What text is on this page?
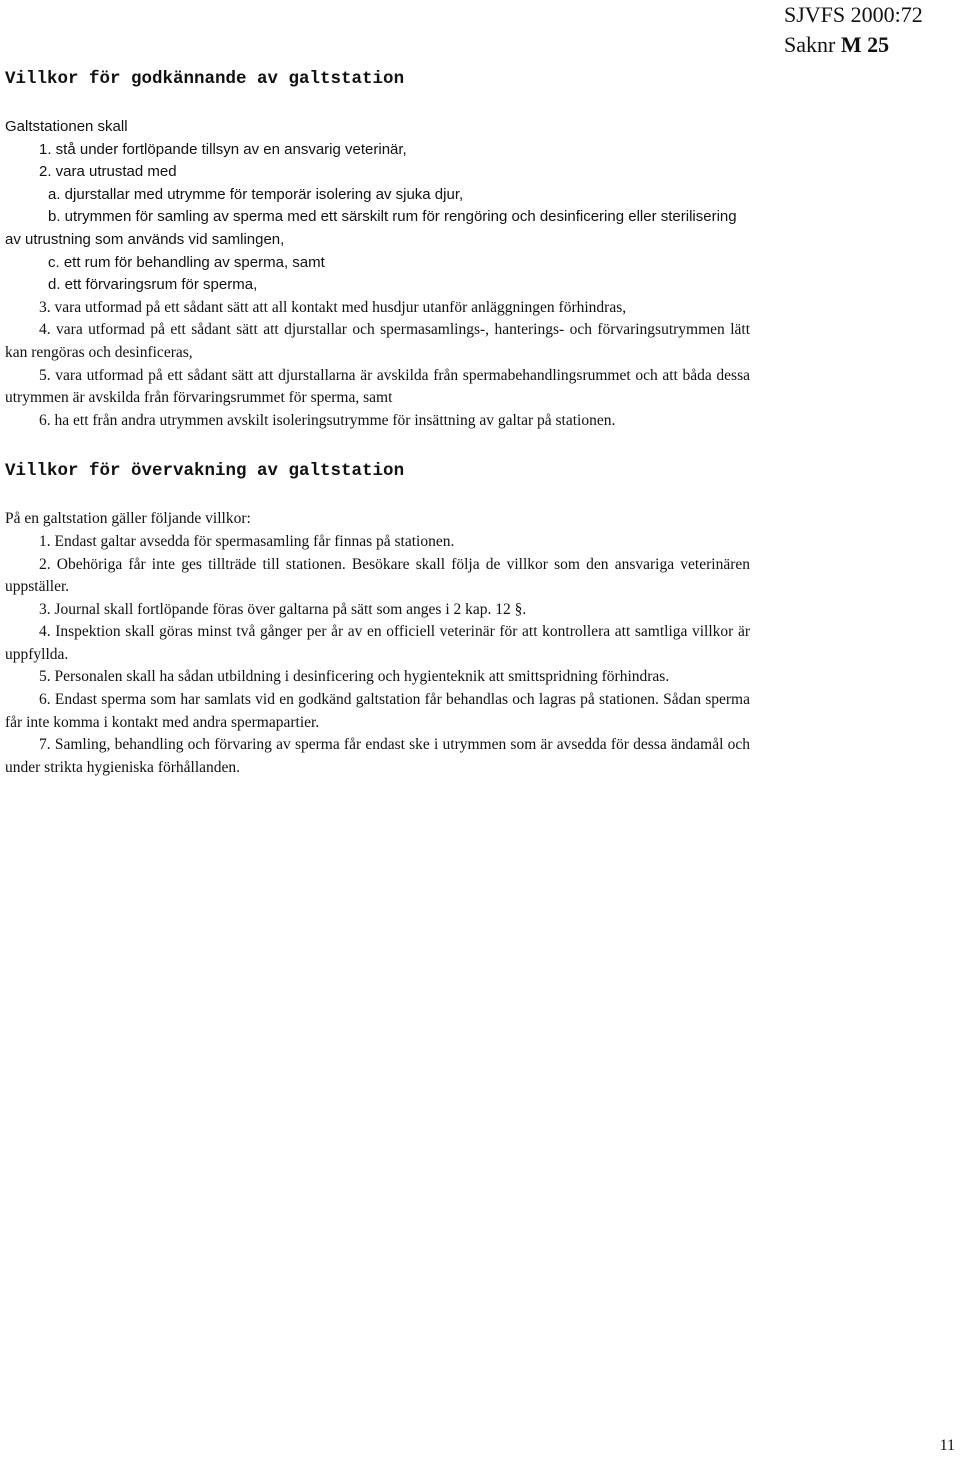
SJVFS 2000:72
Saknr M 25
Villkor för godkännande av galtstation

Galtstationen skall

1. stå under fortlöpande tillsyn av en ansvarig veterinär,

2. vara utrustad med

a. djurstallar med utrymme för temporär isolering av sjuka djur,

b. utrymmen för samling av sperma med ett särskilt rum för rengöring och desinficering eller sterilisering av utrustning som används vid samlingen,

c. ett rum för behandling av sperma, samt

d. ett förvaringsrum för sperma,

3. vara utformad på ett sådant sätt att all kontakt med husdjur utanför anläggningen förhindras,

4. vara utformad på ett sådant sätt att djurstallar och spermasamlings-, hanterings- och förvaringsutrymmen lätt kan rengöras och desinficeras,

5. vara utformad på ett sådant sätt att djurstallarna är avskilda från spermabehandlingsrummet och att båda dessa utrymmen är avskilda från förvaringsrummet för sperma, samt

6. ha ett från andra utrymmen avskilt isoleringsutrymme för insättning av galtar på stationen.

Villkor för övervakning av galtstation

På en galtstation gäller följande villkor:

1. Endast galtar avsedda för spermasamling får finnas på stationen.

2. Obehöriga får inte ges tillträde till stationen. Besökare skall följa de villkor som den ansvariga veterinären uppställer.

3. Journal skall fortlöpande föras över galtarna på sätt som anges i 2 kap. 12 §.

4. Inspektion skall göras minst två gånger per år av en officiell veterinär för att kontrollera att samtliga villkor är uppfyllda.

5. Personalen skall ha sådan utbildning i desinficering och hygienteknik att smittspridning förhindras.

6. Endast sperma som har samlats vid en godkänd galtstation får behandlas och lagras på stationen. Sådan sperma får inte komma i kontakt med andra spermapartier.

7. Samling, behandling och förvaring av sperma får endast ske i utrymmen som är avsedda för dessa ändamål och under strikta hygieniska förhållanden.

11
